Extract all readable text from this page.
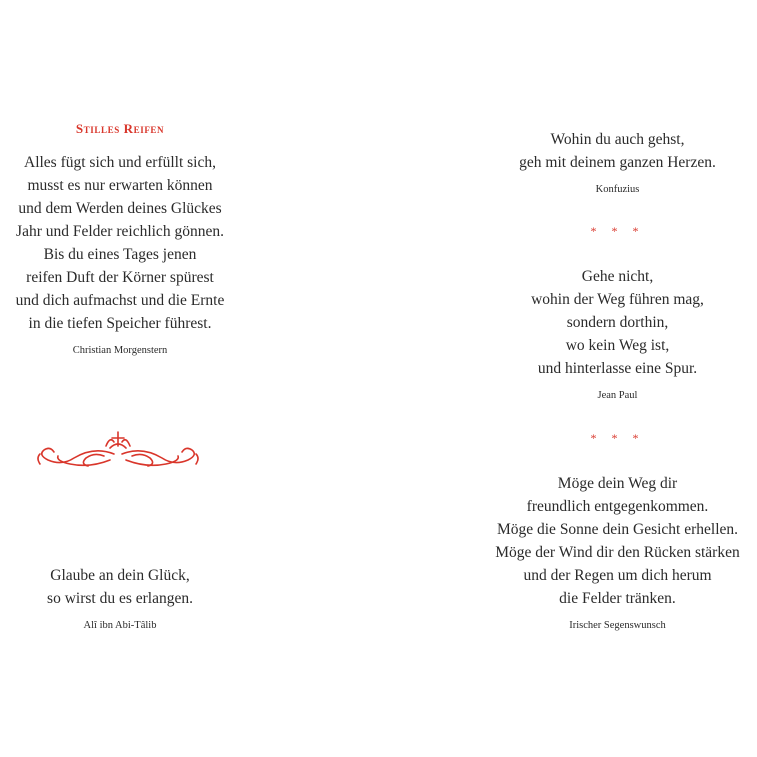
Stilles Reifen
Alles fügt sich und erfüllt sich,
musst es nur erwarten können
und dem Werden deines Glückes
Jahr und Felder reichlich gönnen.
Bis du eines Tages jenen
reifen Duft der Körner spürest
und dich aufmachst und die Ernte
in die tiefen Speicher führest.

Christian Morgenstern

Glaube an dein Glück,
so wirst du es erlangen.

Alî ibn Abi-Tâlib

Wohin du auch gehst,
geh mit deinem ganzen Herzen.

Konfuzius

* * *

Gehe nicht,
wohin der Weg führen mag,
sondern dorthin,
wo kein Weg ist,
und hinterlasse eine Spur.

Jean Paul

* * *

Möge dein Weg dir
freundlich entgegenkommen.
Möge die Sonne dein Gesicht erhellen.
Möge der Wind dir den Rücken stärken
und der Regen um dich herum
die Felder tränken.

Irischer Segenswunsch
